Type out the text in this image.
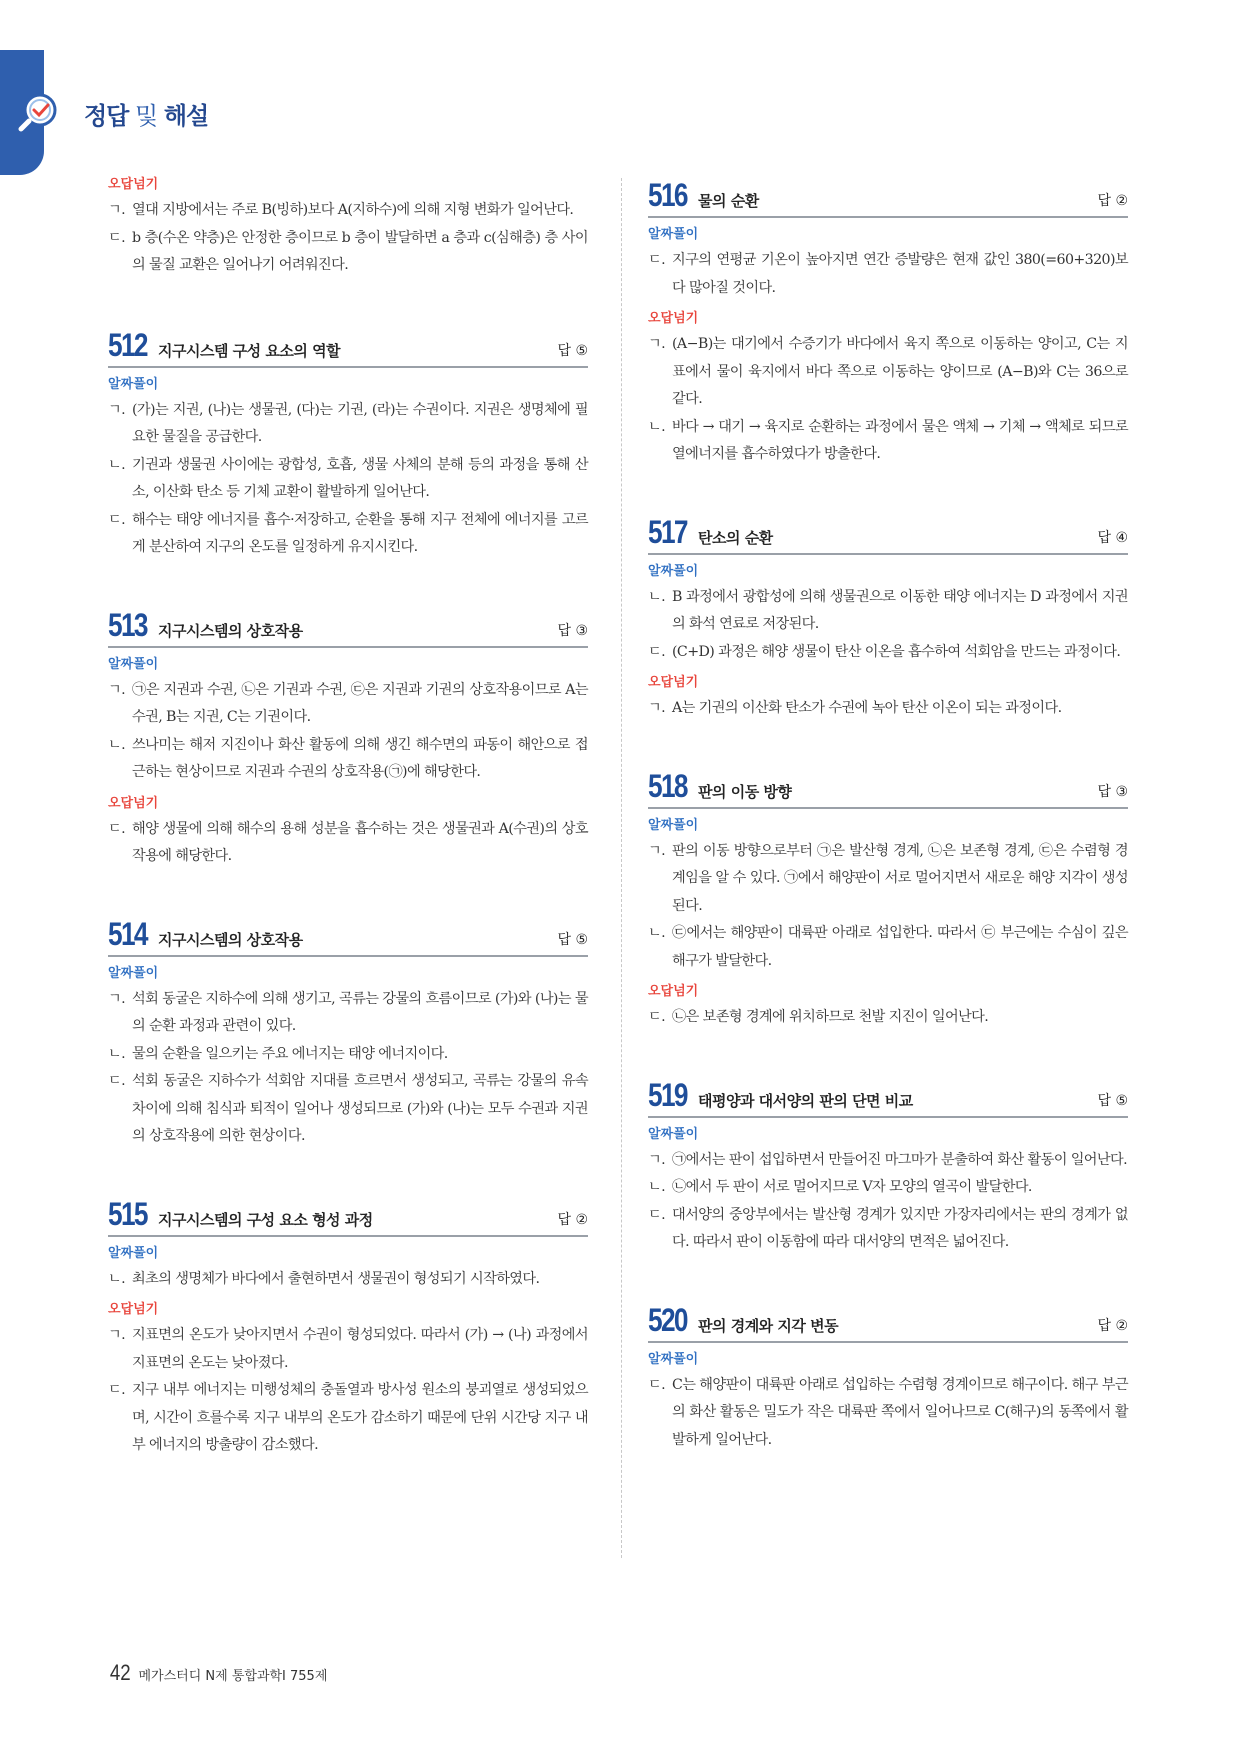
정답 및 해설
오답넘기
ㄱ. 열대 지방에서는 주로 B(빙하)보다 A(지하수)에 의해 지형 변화가 일어난다.
ㄷ. b 층(수온 약층)은 안정한 층이므로 b 층이 발달하면 a 층과 c(심해층) 층 사이의 물질 교환은 일어나기 어려워진다.
512 지구시스템 구성 요소의 역할	답 ⑤
알짜풀이
ㄱ. (가)는 지권, (나)는 생물권, (다)는 기권, (라)는 수권이다. 지권은 생명체에 필요한 물질을 공급한다.
ㄴ. 기권과 생물권 사이에는 광합성, 호흡, 생물 사체의 분해 등의 과정을 통해 산소, 이산화 탄소 등 기체 교환이 활발하게 일어난다.
ㄷ. 해수는 태양 에너지를 흡수·저장하고, 순환을 통해 지구 전체에 에너지를 고르게 분산하여 지구의 온도를 일정하게 유지시킨다.
513 지구시스템의 상호작용	답 ③
알짜풀이
ㄱ. ㉠은 지권과 수권, ㉡은 기권과 수권, ㉢은 지권과 기권의 상호작용이므로 A는 수권, B는 지권, C는 기권이다.
ㄴ. 쓰나미는 해저 지진이나 화산 활동에 의해 생긴 해수면의 파동이 해안으로 접근하는 현상이므로 지권과 수권의 상호작용(㉠)에 해당한다.
오답넘기
ㄷ. 해양 생물에 의해 해수의 용해 성분을 흡수하는 것은 생물권과 A(수권)의 상호 작용에 해당한다.
514 지구시스템의 상호작용	답 ⑤
알짜풀이
ㄱ. 석회 동굴은 지하수에 의해 생기고, 곡류는 강물의 흐름이므로 (가)와 (나)는 물의 순환 과정과 관련이 있다.
ㄴ. 물의 순환을 일으키는 주요 에너지는 태양 에너지이다.
ㄷ. 석회 동굴은 지하수가 석회암 지대를 흐르면서 생성되고, 곡류는 강물의 유속 차이에 의해 침식과 퇴적이 일어나 생성되므로 (가)와 (나)는 모두 수권과 지권의 상호작용에 의한 현상이다.
515 지구시스템의 구성 요소 형성 과정	답 ②
알짜풀이
ㄴ. 최초의 생명체가 바다에서 출현하면서 생물권이 형성되기 시작하였다.
오답넘기
ㄱ. 지표면의 온도가 낮아지면서 수권이 형성되었다. 따라서 (가) → (나) 과정에서 지표면의 온도는 낮아졌다.
ㄷ. 지구 내부 에너지는 미행성체의 충돌열과 방사성 원소의 붕괴열로 생성되었으며, 시간이 흐를수록 지구 내부의 온도가 감소하기 때문에 단위 시간당 지구 내부 에너지의 방출량이 감소했다.
516 물의 순환	답 ②
알짜풀이
ㄷ. 지구의 연평균 기온이 높아지면 연간 증발량은 현재 값인 380(=60+320)보다 많아질 것이다.
오답넘기
ㄱ. (A−B)는 대기에서 수증기가 바다에서 육지 쪽으로 이동하는 양이고, C는 지표에서 물이 육지에서 바다 쪽으로 이동하는 양이므로 (A−B)와 C는 36으로 같다.
ㄴ. 바다 → 대기 → 육지로 순환하는 과정에서 물은 액체 → 기체 → 액체로 되므로 열에너지를 흡수하였다가 방출한다.
517 탄소의 순환	답 ④
알짜풀이
ㄴ. B 과정에서 광합성에 의해 생물권으로 이동한 태양 에너지는 D 과정에서 지권의 화석 연료로 저장된다.
ㄷ. (C+D) 과정은 해양 생물이 탄산 이온을 흡수하여 석회암을 만드는 과정이다.
오답넘기
ㄱ. A는 기권의 이산화 탄소가 수권에 녹아 탄산 이온이 되는 과정이다.
518 판의 이동 방향	답 ③
알짜풀이
ㄱ. 판의 이동 방향으로부터 ㉠은 발산형 경계, ㉡은 보존형 경계, ㉢은 수렴형 경계임을 알 수 있다. ㉠에서 해양판이 서로 멀어지면서 새로운 해양 지각이 생성된다.
ㄴ. ㉢에서는 해양판이 대륙판 아래로 섭입한다. 따라서 ㉢ 부근에는 수심이 깊은 해구가 발달한다.
오답넘기
ㄷ. ㉡은 보존형 경계에 위치하므로 천발 지진이 일어난다.
519 태평양과 대서양의 판의 단면 비교	답 ⑤
알짜풀이
ㄱ. ㉠에서는 판이 섭입하면서 만들어진 마그마가 분출하여 화산 활동이 일어난다.
ㄴ. ㉡에서 두 판이 서로 멀어지므로 V자 모양의 열곡이 발달한다.
ㄷ. 대서양의 중앙부에서는 발산형 경계가 있지만 가장자리에서는 판의 경계가 없다. 따라서 판이 이동함에 따라 대서양의 면적은 넓어진다.
520 판의 경계와 지각 변동	답 ②
알짜풀이
ㄷ. C는 해양판이 대륙판 아래로 섭입하는 수렴형 경계이므로 해구이다. 해구 부근의 화산 활동은 밀도가 작은 대륙판 쪽에서 일어나므로 C(해구)의 동쪽에서 활발하게 일어난다.
42 메가스터디 N제 통합과학Ⅰ 755제
